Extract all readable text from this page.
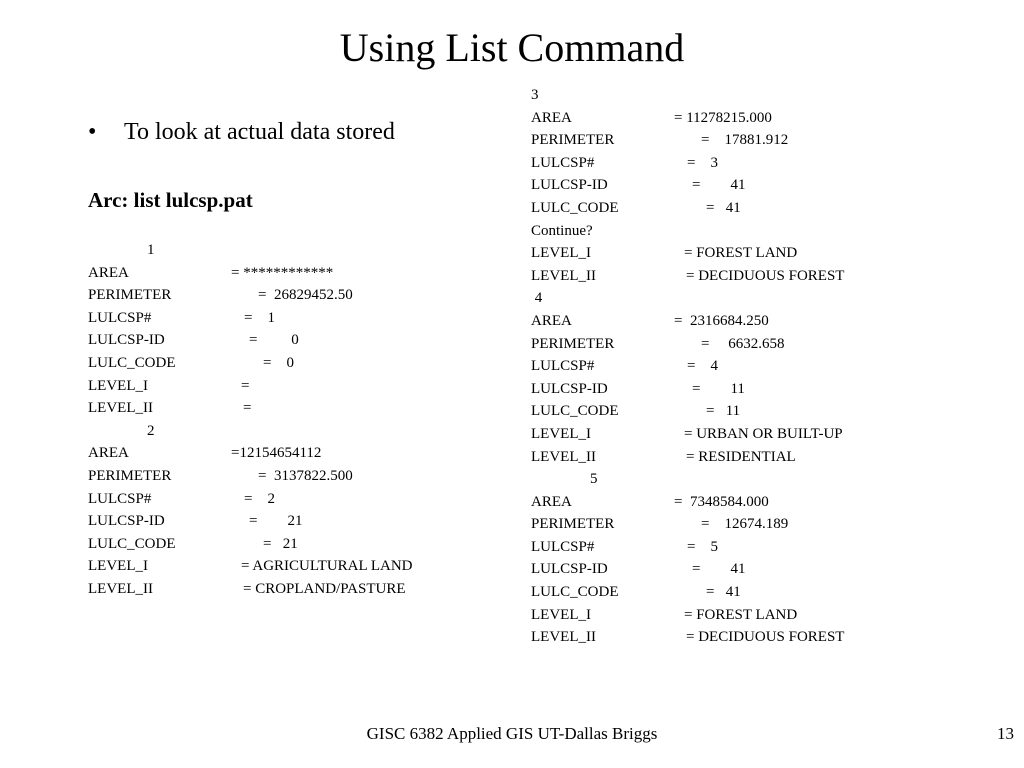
Using List Command
• To look at actual data stored
Arc: list lulcsp.pat
1
AREA	= ************
PERIMETER	=  26829452.50
LULCSP#	=    1
LULCSP-ID	=         0
LULC_CODE	=    0
LEVEL_I	=
LEVEL_II	=
2
AREA	=12154654112
PERIMETER	=  3137822.500
LULCSP#	=    2
LULCSP-ID	=        21
LULC_CODE	=   21
LEVEL_I	= AGRICULTURAL LAND
LEVEL_II	= CROPLAND/PASTURE
3
AREA	= 11278215.000
PERIMETER	=    17881.912
LULCSP#	=    3
LULCSP-ID	=        41
LULC_CODE	=   41
Continue?
LEVEL_I	= FOREST LAND
LEVEL_II	= DECIDUOUS FOREST
4
AREA	=  2316684.250
PERIMETER	=     6632.658
LULCSP#	=    4
LULCSP-ID	=        11
LULC_CODE	=   11
LEVEL_I	= URBAN OR BUILT-UP
LEVEL_II	= RESIDENTIAL
5
AREA	=  7348584.000
PERIMETER	=    12674.189
LULCSP#	=    5
LULCSP-ID	=        41
LULC_CODE	=   41
LEVEL_I	= FOREST LAND
LEVEL_II	= DECIDUOUS FOREST
GISC 6382 Applied GIS UT-Dallas Briggs	13
